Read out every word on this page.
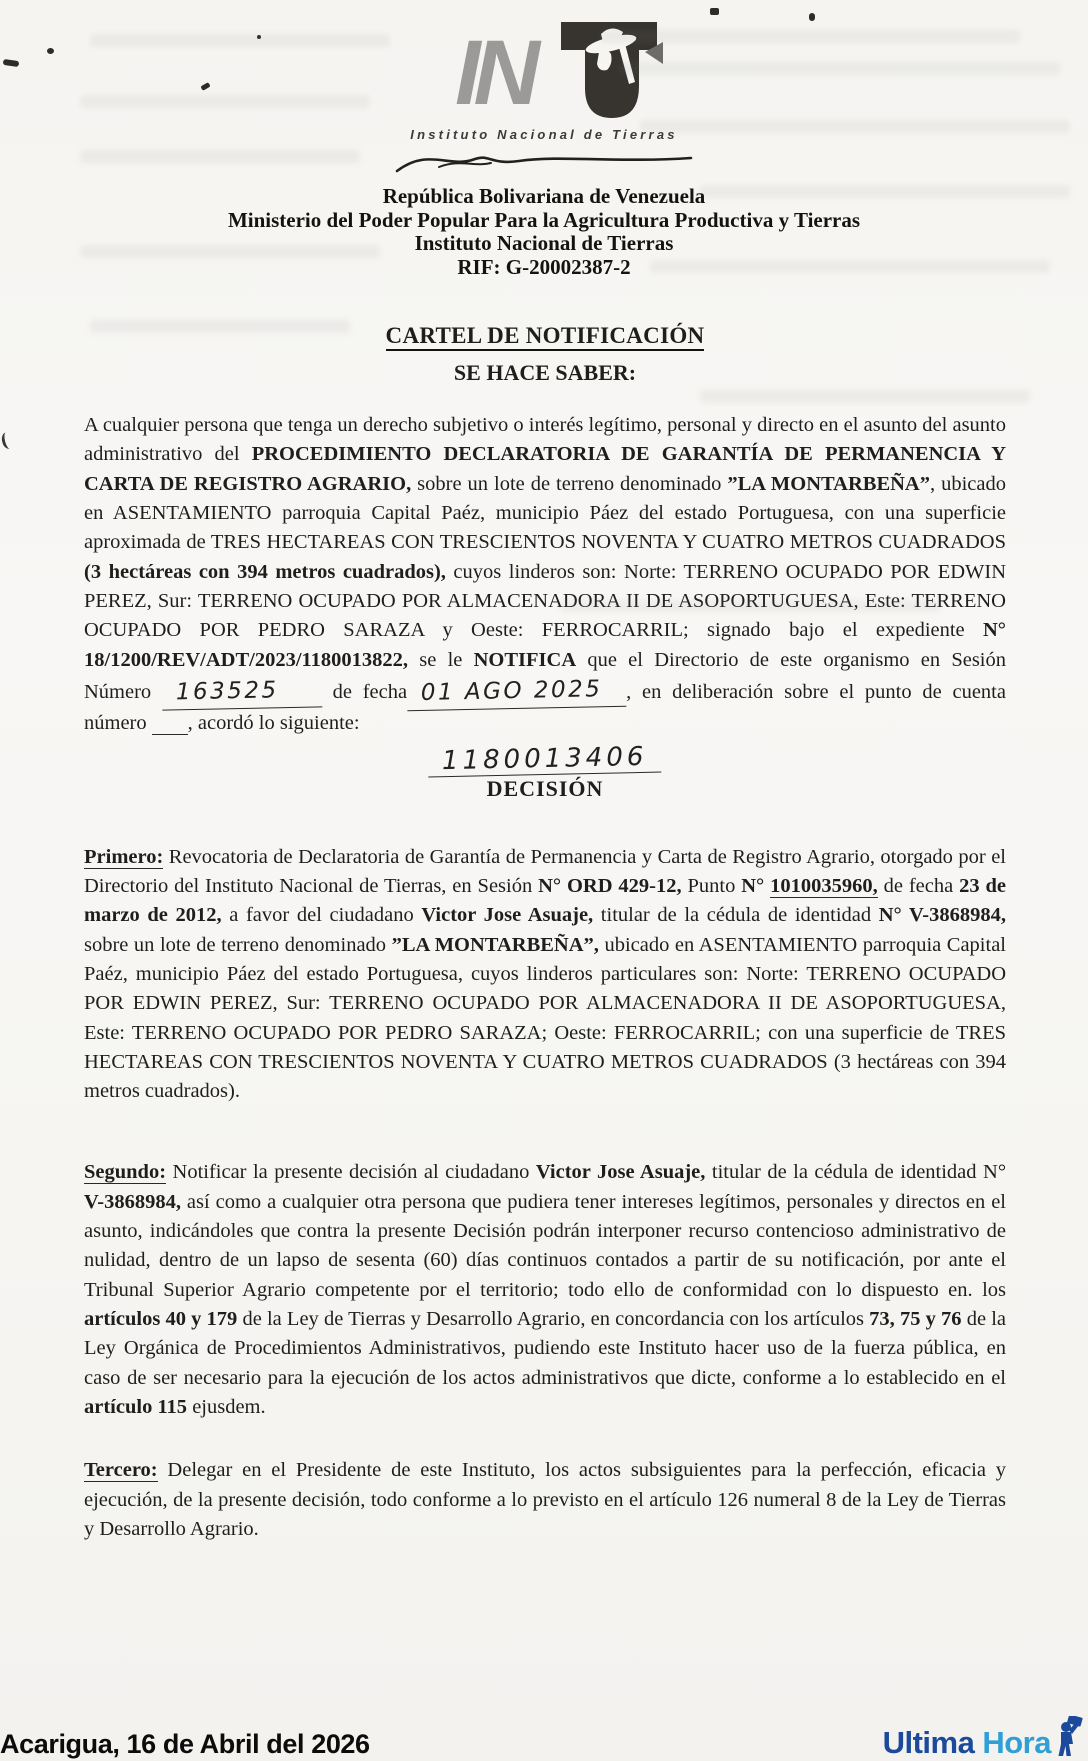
IN
Instituto Nacional de Tierras
República Bolivariana de Venezuela
Ministerio del Poder Popular Para la Agricultura Productiva y Tierras
Instituto Nacional de Tierras
RIF: G-20002387-2
CARTEL DE NOTIFICACIÓN
SE HACE SABER:

A cualquier persona que tenga un derecho subjetivo o interés legítimo, personal y directo en el asunto del asunto administrativo del PROCEDIMIENTO DECLARATORIA DE GARANTÍA DE PERMANENCIA Y CARTA DE REGISTRO AGRARIO, sobre un lote de terreno denominado ”LA MONTARBEÑA”, ubicado en ASENTAMIENTO parroquia Capital Paéz, municipio Páez del estado Portuguesa, con una superficie aproximada de TRES HECTAREAS CON TRESCIENTOS NOVENTA Y CUATRO METROS CUADRADOS (3 hectáreas con 394 metros cuadrados), cuyos linderos son: Norte: TERRENO OCUPADO POR EDWIN PEREZ, Sur: TERRENO OCUPADO POR ALMACENADORA II DE ASOPORTUGUESA, Este: TERRENO OCUPADO POR PEDRO SARAZA y Oeste: FERROCARRIL; signado bajo el expediente N° 18/1200/REV/ADT/2023/1180013822, se le NOTIFICA que el Directorio de este organismo en Sesión Número  163525     de fecha 01 AGO 2025  , en deliberación sobre el punto de cuenta número        , acordó lo siguiente:

1180013406
DECISIÓN

Primero: Revocatoria de Declaratoria de Garantía de Permanencia y Carta de Registro Agrario, otorgado por el Directorio del Instituto Nacional de Tierras, en Sesión N° ORD 429-12, Punto N° 1010035960, de fecha 23 de marzo de 2012, a favor del ciudadano Victor Jose Asuaje, titular de la cédula de identidad N° V-3868984, sobre un lote de terreno denominado ”LA MONTARBEÑA”, ubicado en ASENTAMIENTO parroquia Capital Paéz, municipio Páez del estado Portuguesa, cuyos linderos particulares son: Norte: TERRENO OCUPADO POR EDWIN PEREZ, Sur: TERRENO OCUPADO POR ALMACENADORA II DE ASOPORTUGUESA, Este: TERRENO OCUPADO POR PEDRO SARAZA; Oeste: FERROCARRIL; con una superficie de TRES HECTAREAS CON TRESCIENTOS NOVENTA Y CUATRO METROS CUADRADOS (3 hectáreas con 394 metros cuadrados).

Segundo: Notificar la presente decisión al ciudadano Victor Jose Asuaje, titular de la cédula de identidad N° V-3868984, así como a cualquier otra persona que pudiera tener intereses legítimos, personales y directos en el asunto, indicándoles que contra la presente Decisión podrán interponer recurso contencioso administrativo de nulidad, dentro de un lapso de sesenta (60) días continuos contados a partir de su notificación, por ante el Tribunal Superior Agrario competente por el territorio; todo ello de conformidad con lo dispuesto en. los artículos 40 y 179 de la Ley de Tierras y Desarrollo Agrario, en concordancia con los artículos 73, 75 y 76 de la Ley Orgánica de Procedimientos Administrativos, pudiendo este Instituto hacer uso de la fuerza pública, en caso de ser necesario para la ejecución de los actos administrativos que dicte, conforme a lo establecido en el artículo 115 ejusdem.

Tercero: Delegar en el Presidente de este Instituto, los actos subsiguientes para la perfección, eficacia y ejecución, de la presente decisión, todo conforme a lo previsto en el artículo 126 numeral 8 de la Ley de Tierras y Desarrollo Agrario.

Acarigua, 16 de Abril del 2026	Ultima Hora
